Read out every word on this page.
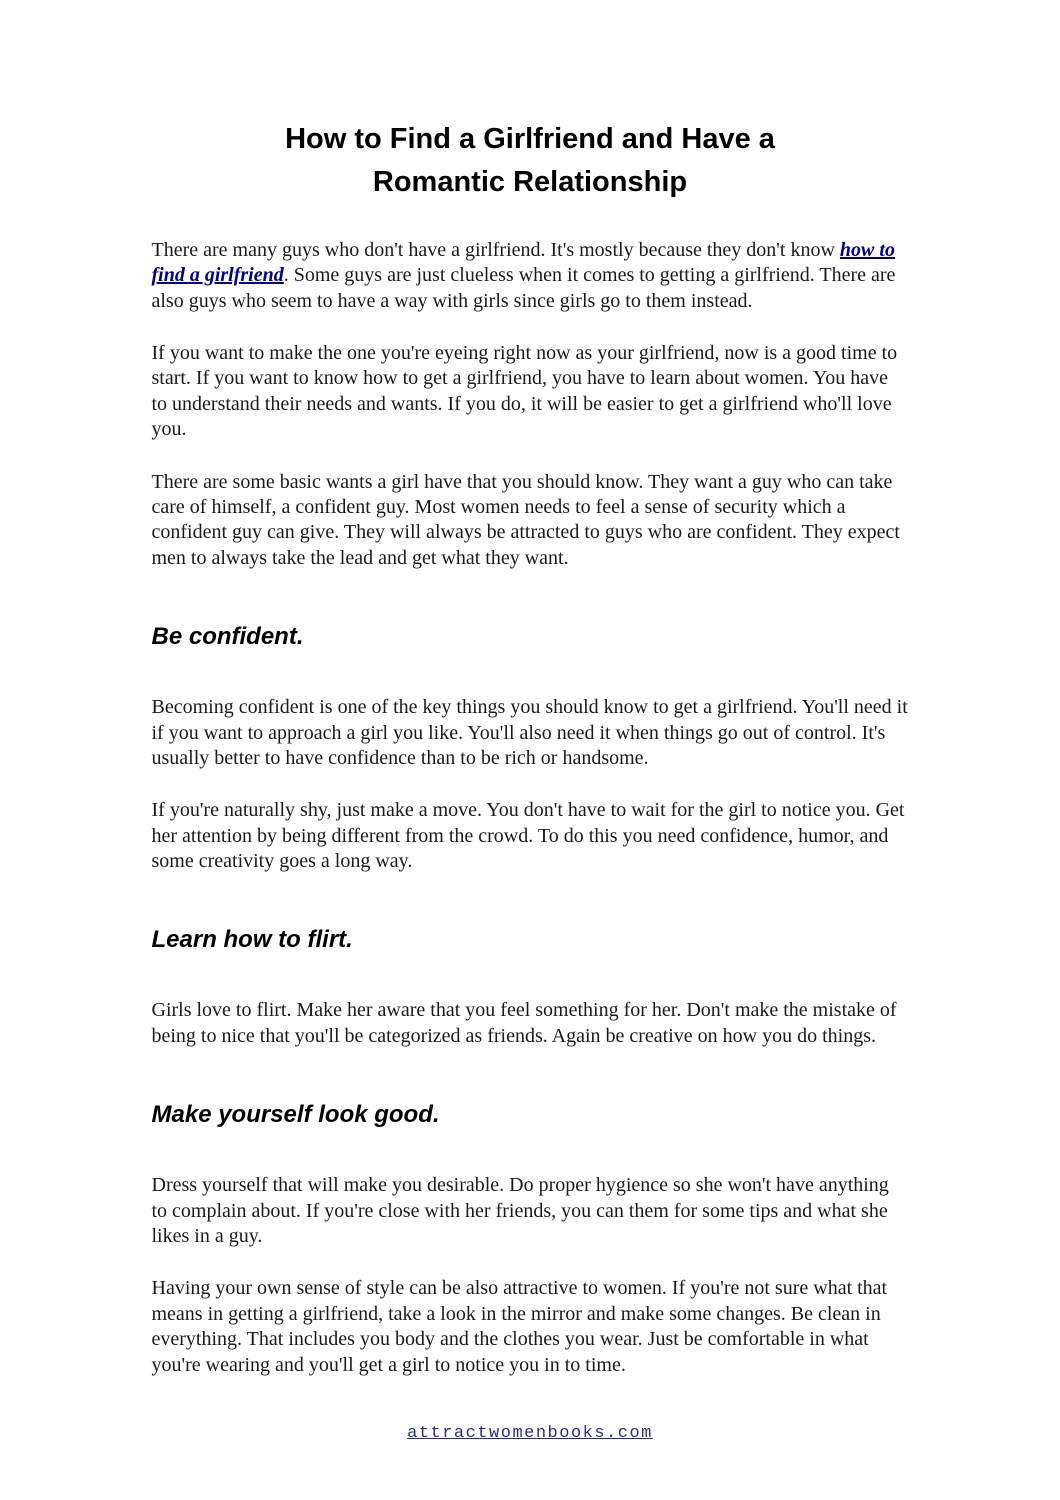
How to Find a Girlfriend and Have a
Romantic Relationship

There are many guys who don't have a girlfriend. It's mostly because they don't know how to find a girlfriend. Some guys are just clueless when it comes to getting a girlfriend. There are also guys who seem to have a way with girls since girls go to them instead.

If you want to make the one you're eyeing right now as your girlfriend, now is a good time to start. If you want to know how to get a girlfriend, you have to learn about women. You have to understand their needs and wants. If you do, it will be easier to get a girlfriend who'll love you.

There are some basic wants a girl have that you should know. They want a guy who can take care of himself, a confident guy. Most women needs to feel a sense of security which a confident guy can give. They will always be attracted to guys who are confident. They expect men to always take the lead and get what they want.

Be confident.

Becoming confident is one of the key things you should know to get a girlfriend. You'll need it if you want to approach a girl you like. You'll also need it when things go out of control. It's usually better to have confidence than to be rich or handsome.

If you're naturally shy, just make a move. You don't have to wait for the girl to notice you. Get her attention by being different from the crowd. To do this you need confidence, humor, and some creativity goes a long way.

Learn how to flirt.

Girls love to flirt. Make her aware that you feel something for her. Don't make the mistake of being to nice that you'll be categorized as friends. Again be creative on how you do things.

Make yourself look good.

Dress yourself that will make you desirable. Do proper hygience so she won't have anything to complain about. If you're close with her friends, you can them for some tips and what she likes in a guy.

Having your own sense of style can be also attractive to women. If you're not sure what that means in getting a girlfriend, take a look in the mirror and make some changes. Be clean in everything. That includes you body and the clothes you wear. Just be comfortable in what you're wearing and you'll get a girl to notice you in to time.

attractwomenbooks.com
